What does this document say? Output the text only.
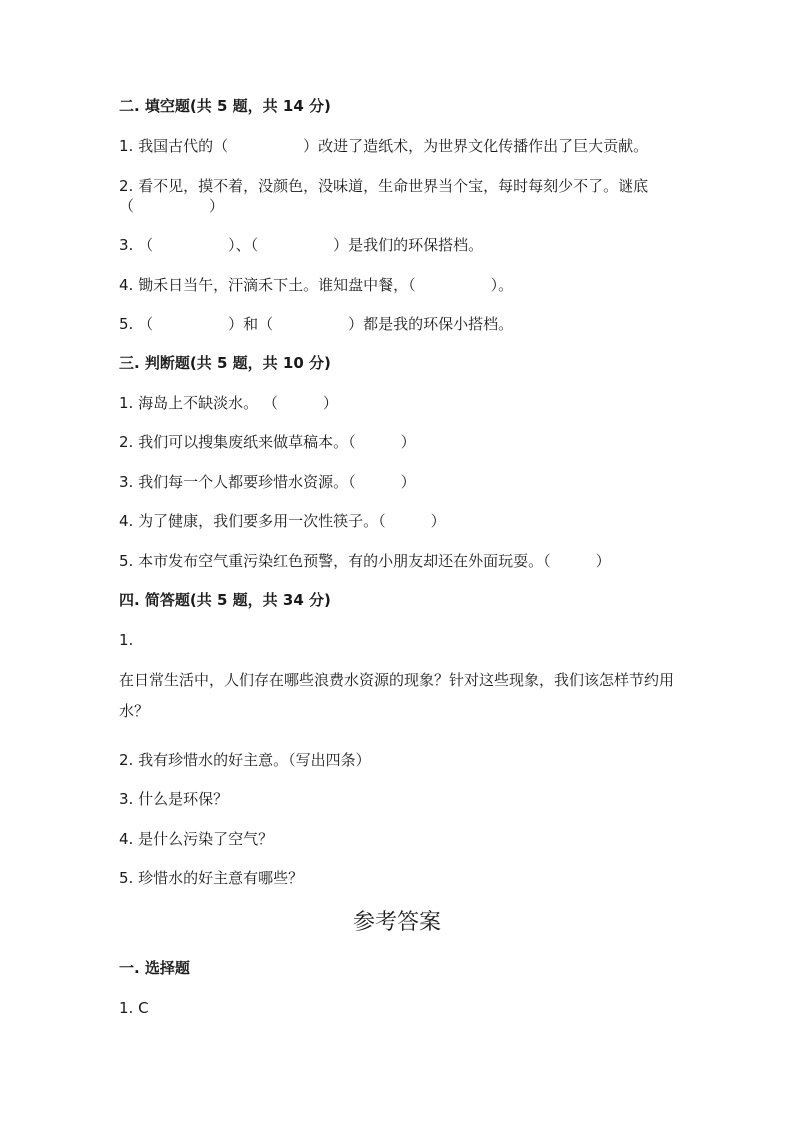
二. 填空题(共 5 题，共 14 分)
1. 我国古代的（　　　　　）改进了造纸术，为世界文化传播作出了巨大贡献。
2. 看不见，摸不着，没颜色，没味道，生命世界当个宝，每时每刻少不了。谜底（　　　　　）
3. （　　　　　）、（　　　　　）是我们的环保搭档。
4. 锄禾日当午，汗滴禾下土。谁知盘中餐，（　　　　　）。
5. （　　　　　）和（　　　　　）都是我的环保小搭档。
三. 判断题(共 5 题，共 10 分)
1. 海岛上不缺淡水。 （　　　）
2. 我们可以搜集废纸来做草稿本。（　　　）
3. 我们每一个人都要珍惜水资源。（　　　）
4. 为了健康，我们要多用一次性筷子。（　　　）
5. 本市发布空气重污染红色预警，有的小朋友却还在外面玩耍。（　　　）
四. 简答题(共 5 题，共 34 分)
1.
在日常生活中，人们存在哪些浪费水资源的现象？针对这些现象，我们该怎样节约用水？
2. 我有珍惜水的好主意。（写出四条）
3. 什么是环保？
4. 是什么污染了空气？
5. 珍惜水的好主意有哪些？
参考答案
一. 选择题
1. C
